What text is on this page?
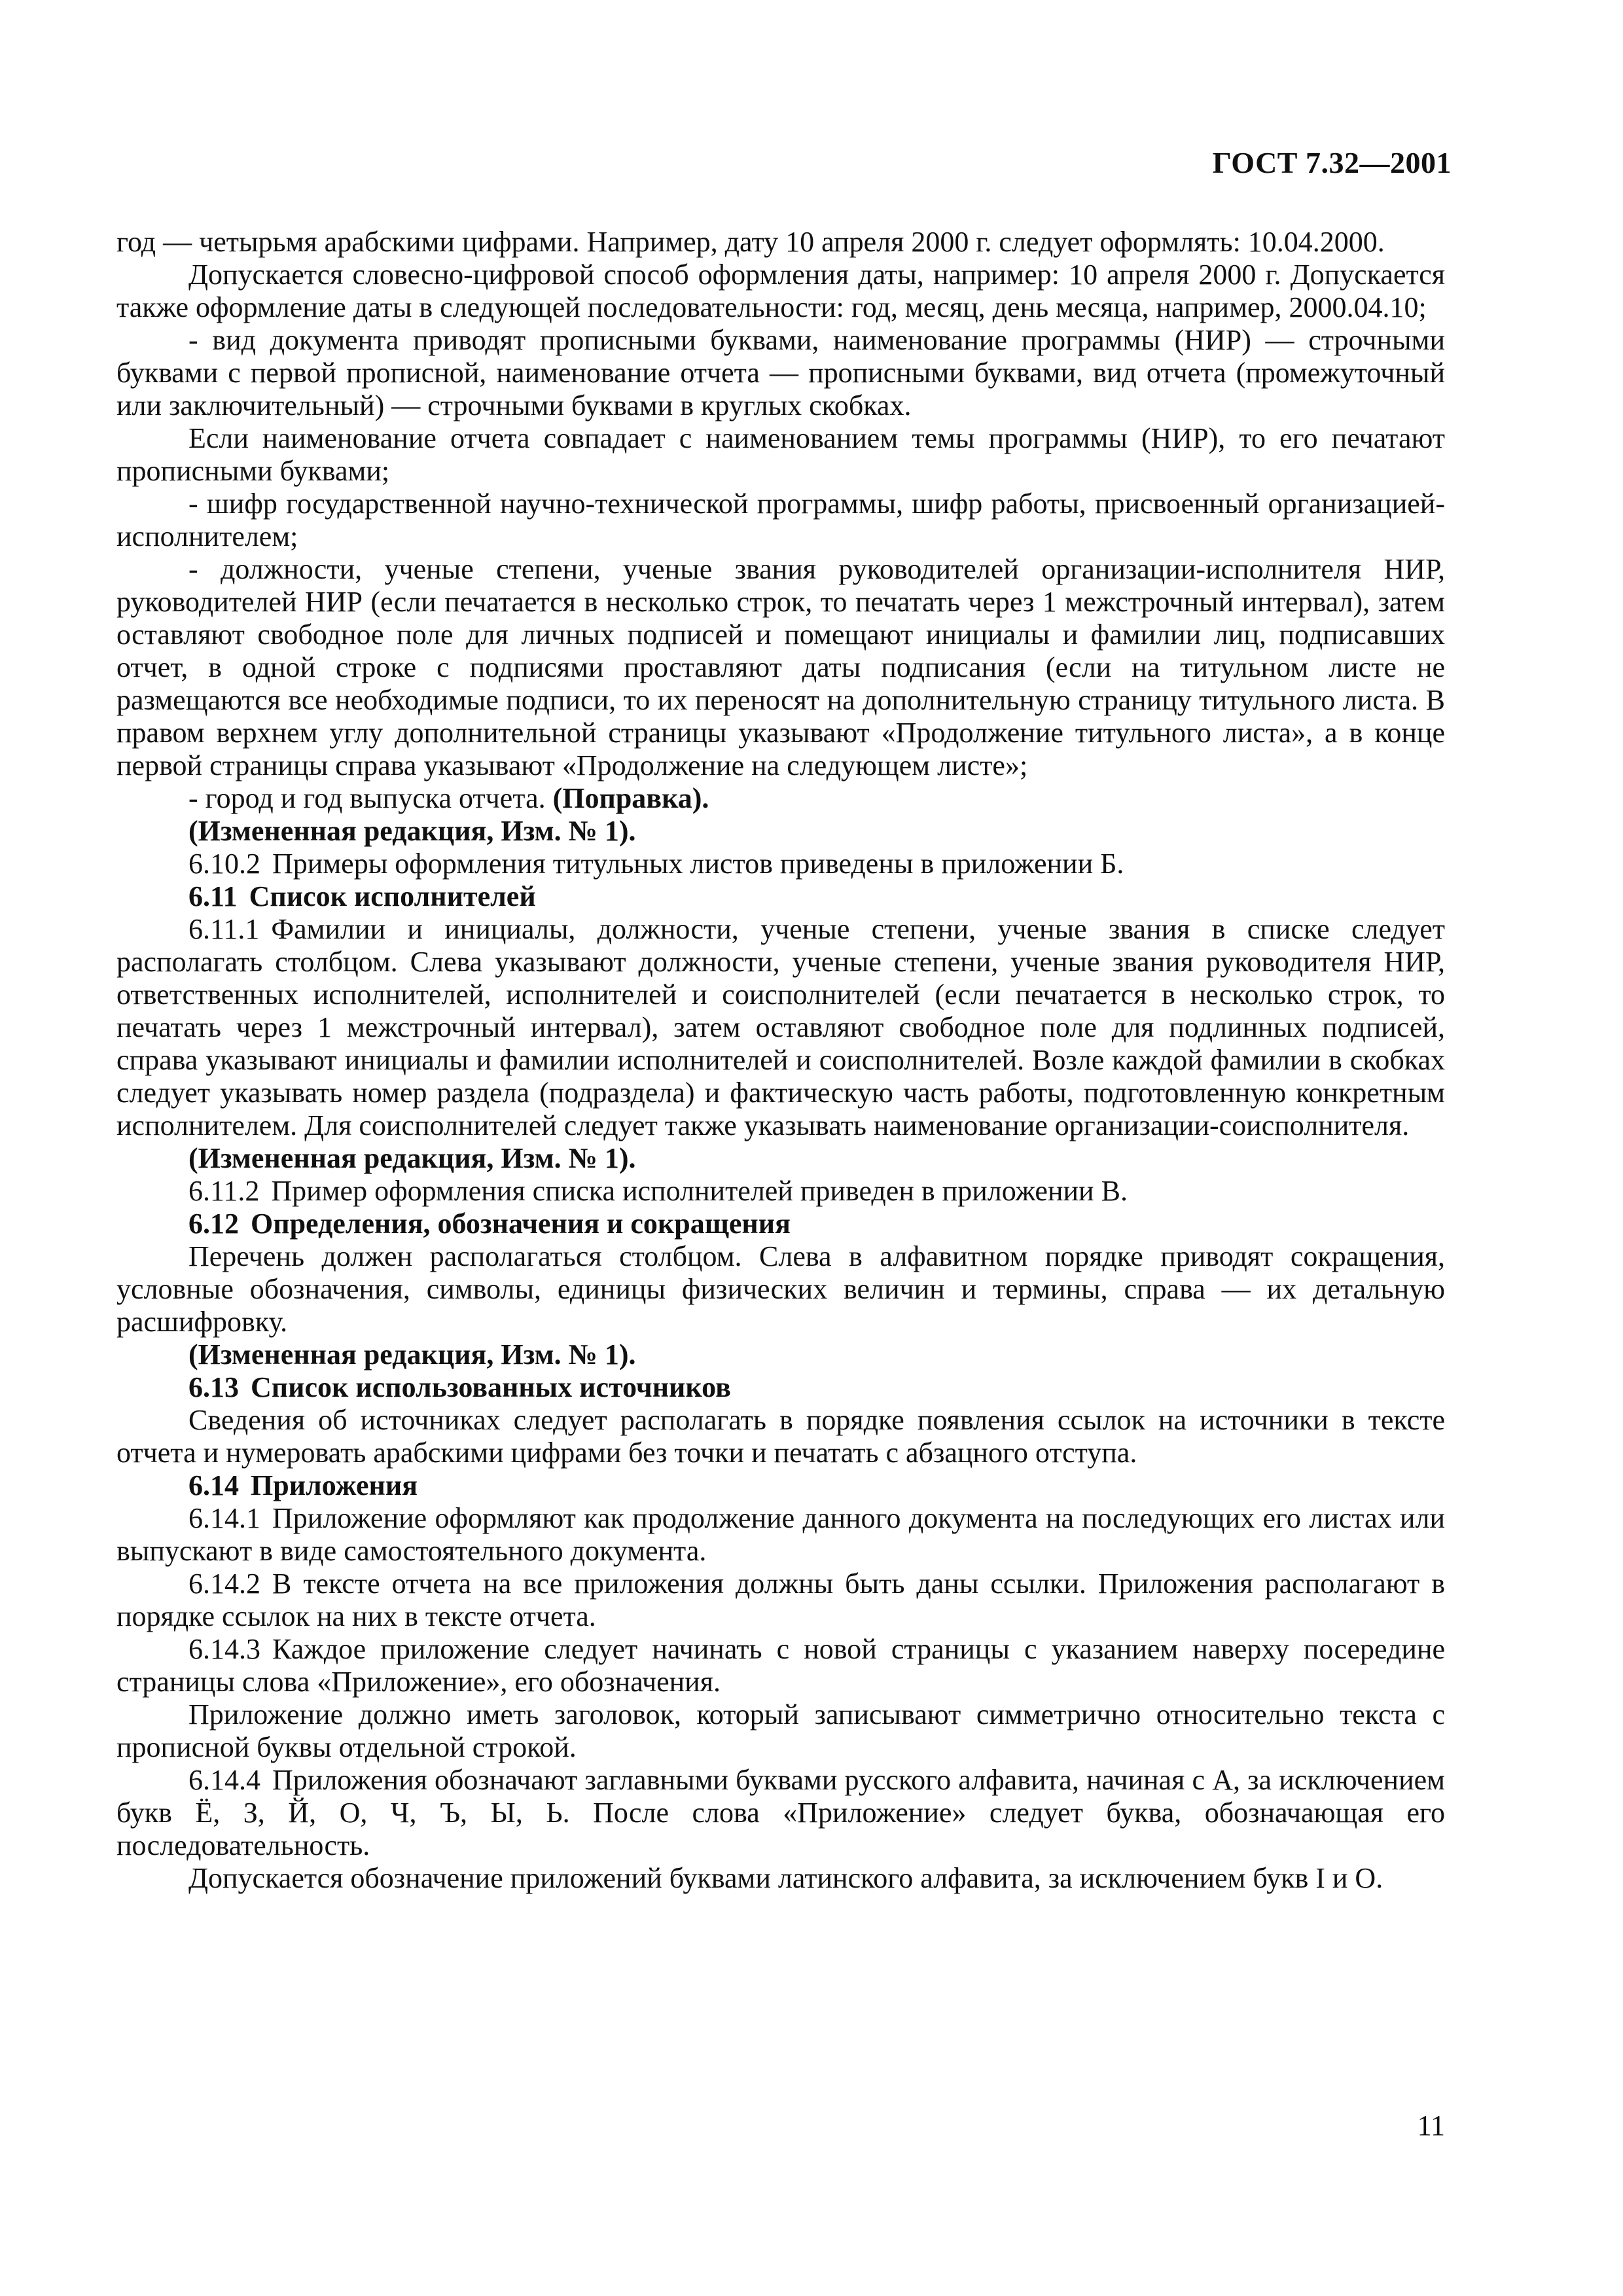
ГОСТ 7.32—2001

год — четырьмя арабскими цифрами. Например, дату 10 апреля 2000 г. следует оформлять: 10.04.2000.

Допускается словесно-цифровой способ оформления даты, например: 10 апреля 2000 г. Допускается также оформление даты в следующей последовательности: год, месяц, день месяца, например, 2000.04.10;

- вид документа приводят прописными буквами, наименование программы (НИР) — строчными буквами с первой прописной, наименование отчета — прописными буквами, вид отчета (промежуточный или заключительный) — строчными буквами в круглых скобках.

Если наименование отчета совпадает с наименованием темы программы (НИР), то его печатают прописными буквами;

- шифр государственной научно-технической программы, шифр работы, присвоенный организацией-исполнителем;

- должности, ученые степени, ученые звания руководителей организации-исполнителя НИР, руководителей НИР (если печатается в несколько строк, то печатать через 1 межстрочный интервал), затем оставляют свободное поле для личных подписей и помещают инициалы и фамилии лиц, подписавших отчет, в одной строке с подписями проставляют даты подписания (если на титульном листе не размещаются все необходимые подписи, то их переносят на дополнительную страницу титульного листа. В правом верхнем углу дополнительной страницы указывают «Продолжение титульного листа», а в конце первой страницы справа указывают «Продолжение на следующем листе»;

- город и год выпуска отчета. (Поправка).

(Измененная редакция, Изм. № 1).

6.10.2 Примеры оформления титульных листов приведены в приложении Б.

6.11 Список исполнителей

6.11.1 Фамилии и инициалы, должности, ученые степени, ученые звания в списке следует располагать столбцом. Слева указывают должности, ученые степени, ученые звания руководителя НИР, ответственных исполнителей, исполнителей и соисполнителей (если печатается в несколько строк, то печатать через 1 межстрочный интервал), затем оставляют свободное поле для подлинных подписей, справа указывают инициалы и фамилии исполнителей и соисполнителей. Возле каждой фамилии в скобках следует указывать номер раздела (подраздела) и фактическую часть работы, подготовленную конкретным исполнителем. Для соисполнителей следует также указывать наименование организации-соисполнителя.

(Измененная редакция, Изм. № 1).

6.11.2 Пример оформления списка исполнителей приведен в приложении В.

6.12 Определения, обозначения и сокращения

Перечень должен располагаться столбцом. Слева в алфавитном порядке приводят сокращения, условные обозначения, символы, единицы физических величин и термины, справа — их детальную расшифровку.

(Измененная редакция, Изм. № 1).

6.13 Список использованных источников

Сведения об источниках следует располагать в порядке появления ссылок на источники в тексте отчета и нумеровать арабскими цифрами без точки и печатать с абзацного отступа.

6.14 Приложения

6.14.1 Приложение оформляют как продолжение данного документа на последующих его листах или выпускают в виде самостоятельного документа.

6.14.2 В тексте отчета на все приложения должны быть даны ссылки. Приложения располагают в порядке ссылок на них в тексте отчета.

6.14.3 Каждое приложение следует начинать с новой страницы с указанием наверху посередине страницы слова «Приложение», его обозначения.

Приложение должно иметь заголовок, который записывают симметрично относительно текста с прописной буквы отдельной строкой.

6.14.4 Приложения обозначают заглавными буквами русского алфавита, начиная с А, за исключением букв Ё, З, Й, О, Ч, Ъ, Ы, Ь. После слова «Приложение» следует буква, обозначающая его последовательность.

Допускается обозначение приложений буквами латинского алфавита, за исключением букв I и О.

11
